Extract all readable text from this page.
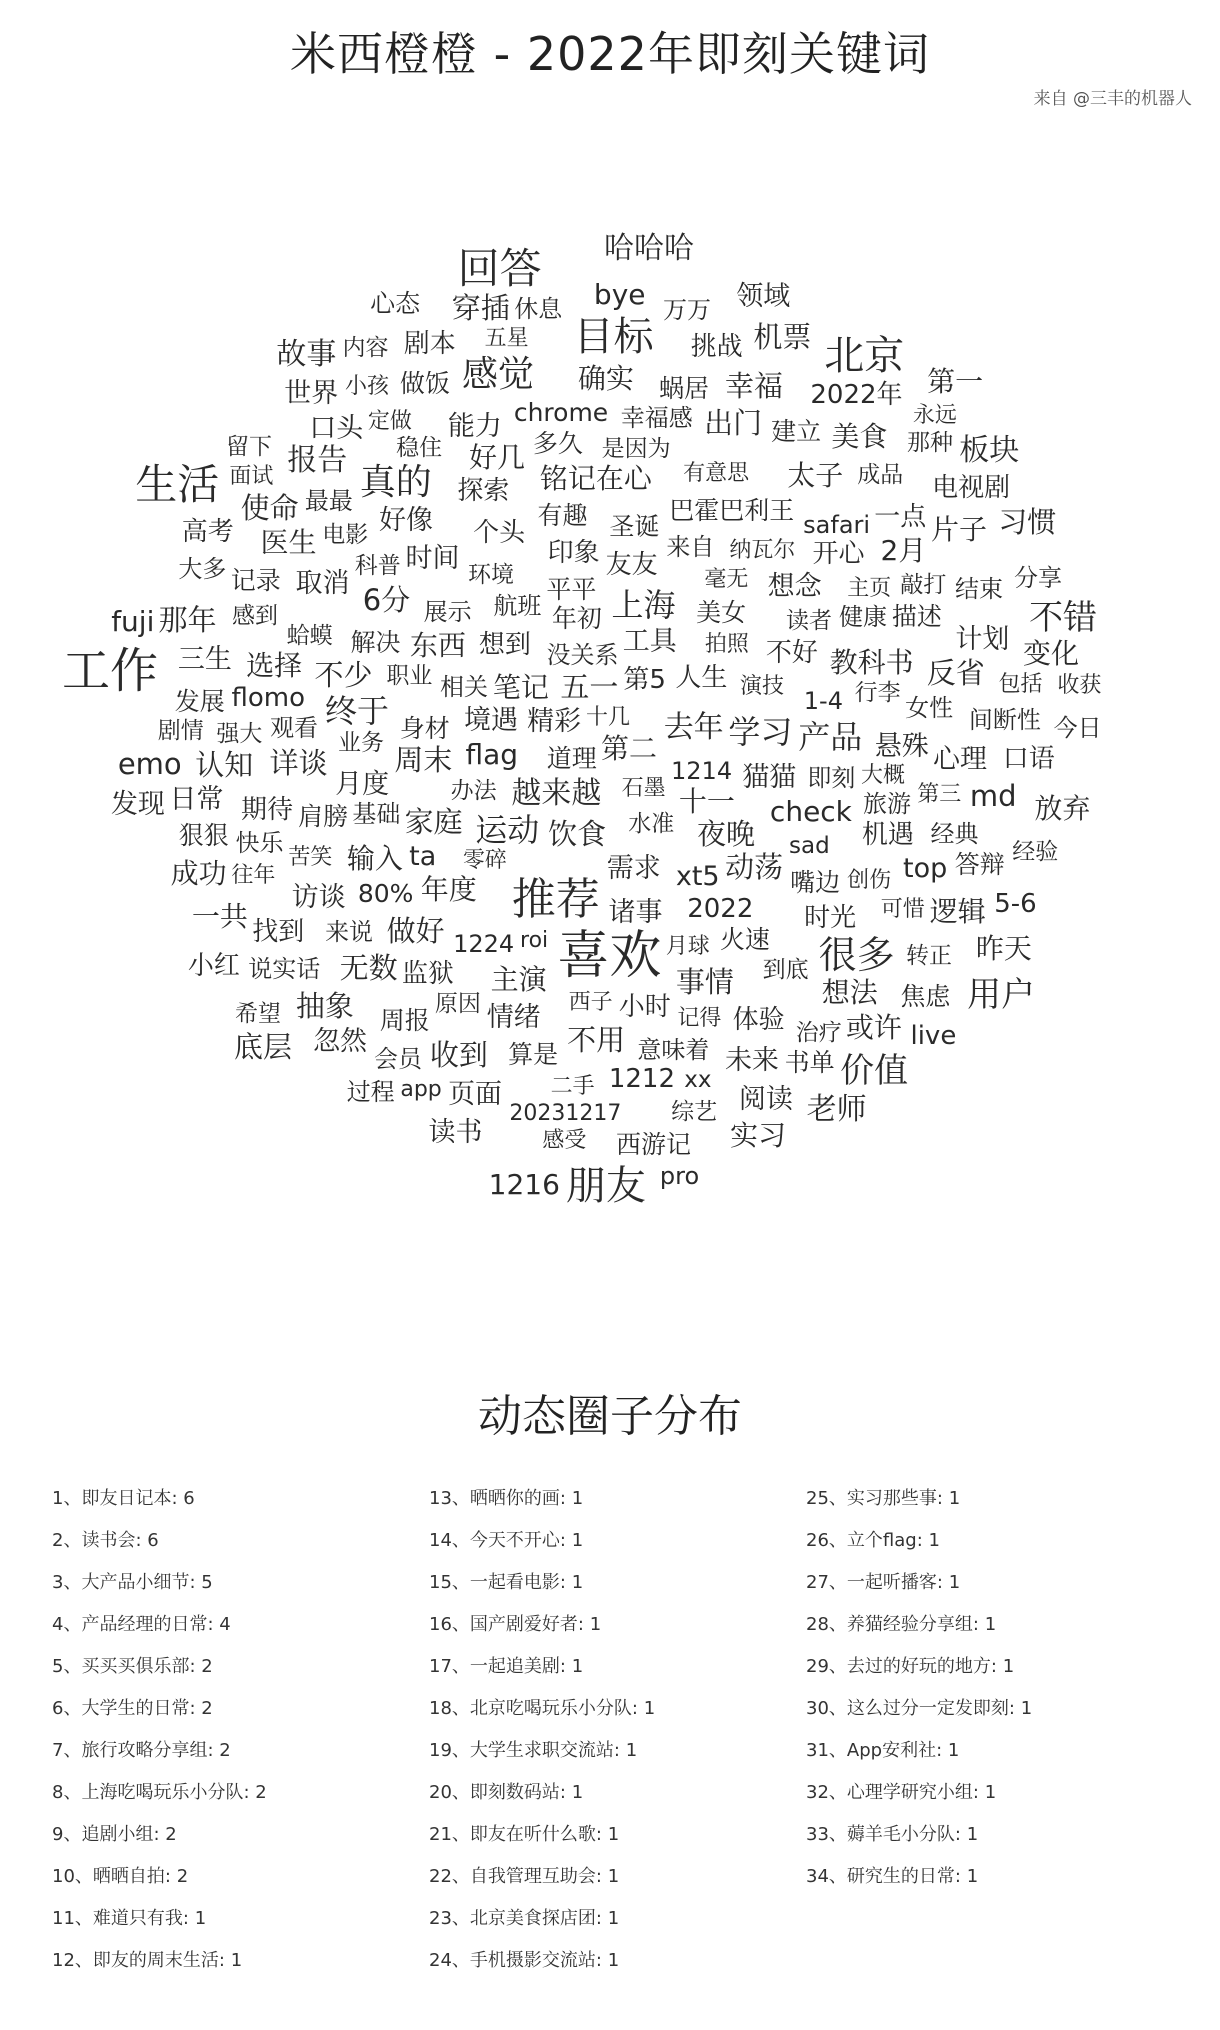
米西橙橙 - 2022年即刻关键词
来自 @三丰的机器人
十几
五一
第二
精彩
第5
道理
没关系
去年
石墨
越来越
笔记
工具
人生
年初
1214
水准
上海
饮食
flag
境遇
想到
平平
相关
运动
拍照
学习
十一
需求
友友
美女
航班
办法
演技
夜晚
推荐
猫猫
印象
身材
展示
环境	毫无
家庭
东西
xt5
不好
圣诞
来自
职业
零碎
周末
check
诸事
个头
有趣
1-4
读者
纳瓦尔
喜欢
铭记在心
想念
2022
巴霍巴利王
即刻
sad
年度
动荡
产品
时间
终于
解决
1224
业务
月球
6分
教科书
月度
探索
嘴边
基础
是因为
有意思
不少
输入
好像
开心
火速
健康
行李
大概
事情
主演
悬殊
机遇
80%
旅游
科普
西子
做好
好几
ta
时光
多久
safari
蛤蟆
主页
详谈
真的
取消
小时
chrome 幸福感
到底
创伤
出门
太子
情绪
监狱
肩膀
观看
电影
记得
不用
选择
能力
很多
描述
女性
原因
苦笑
反省
2月
访谈
体验
蜗居
来说
稳住
第三
无数
确实
心理
flomo
建立
意味着
敲打
可惜
感觉
医生
top
期待
算是
最最
强大
roi
幸福
想法
未来
一点
周报
经典
感到
定做
收到
美食
计划
1212
记录
快乐
成品
二手
认知
目标
三生
找到
报告
间断性
治疗
往年
使命
片子
口头
挑战
做饭
结束
转正
五星
md
逻辑
页面
2022年
答辩
说实话
xx
20231217
抽象
或许
日常
口语
发展
会员
综艺
包括
那年
一共
阅读
电视剧
狠狠
大多
剧情
小孩
机票
bye
忽然
剧本
西游记
休息
那种
app	价值
变化
世界
高考
焦虑
万万
成功
面试
穿插
放弃
读书
不错
北京
分享
经验
感受
emo
昨天
领域
5-6
书单
过程
留下
永远
习惯
实习
朋友
小红
工作
今日
内容
回答
底层
fuji
发现
live
板块
老师
希望
收获
哈哈哈
故事
生活
心态
pro
1216
用户
第一
动态圈子分布
1、即友日记本: 6
2、读书会: 6
3、大产品小细节: 5
4、产品经理的日常: 4
5、买买买俱乐部: 2
6、大学生的日常: 2
7、旅行攻略分享组: 2
8、上海吃喝玩乐小分队: 2
9、追剧小组: 2
10、晒晒自拍: 2
11、难道只有我: 1
12、即友的周末生活: 1
13、晒晒你的画: 1
14、今天不开心: 1
15、一起看电影: 1
16、国产剧爱好者: 1
17、一起追美剧: 1
18、北京吃喝玩乐小分队: 1
19、大学生求职交流站: 1
20、即刻数码站: 1
21、即友在听什么歌: 1
22、自我管理互助会: 1
23、北京美食探店团: 1
24、手机摄影交流站: 1
25、实习那些事: 1
26、立个flag: 1
27、一起听播客: 1
28、养猫经验分享组: 1
29、去过的好玩的地方: 1
30、这么过分一定发即刻: 1
31、App安利社: 1
32、心理学研究小组: 1
33、薅羊毛小分队: 1
34、研究生的日常: 1
